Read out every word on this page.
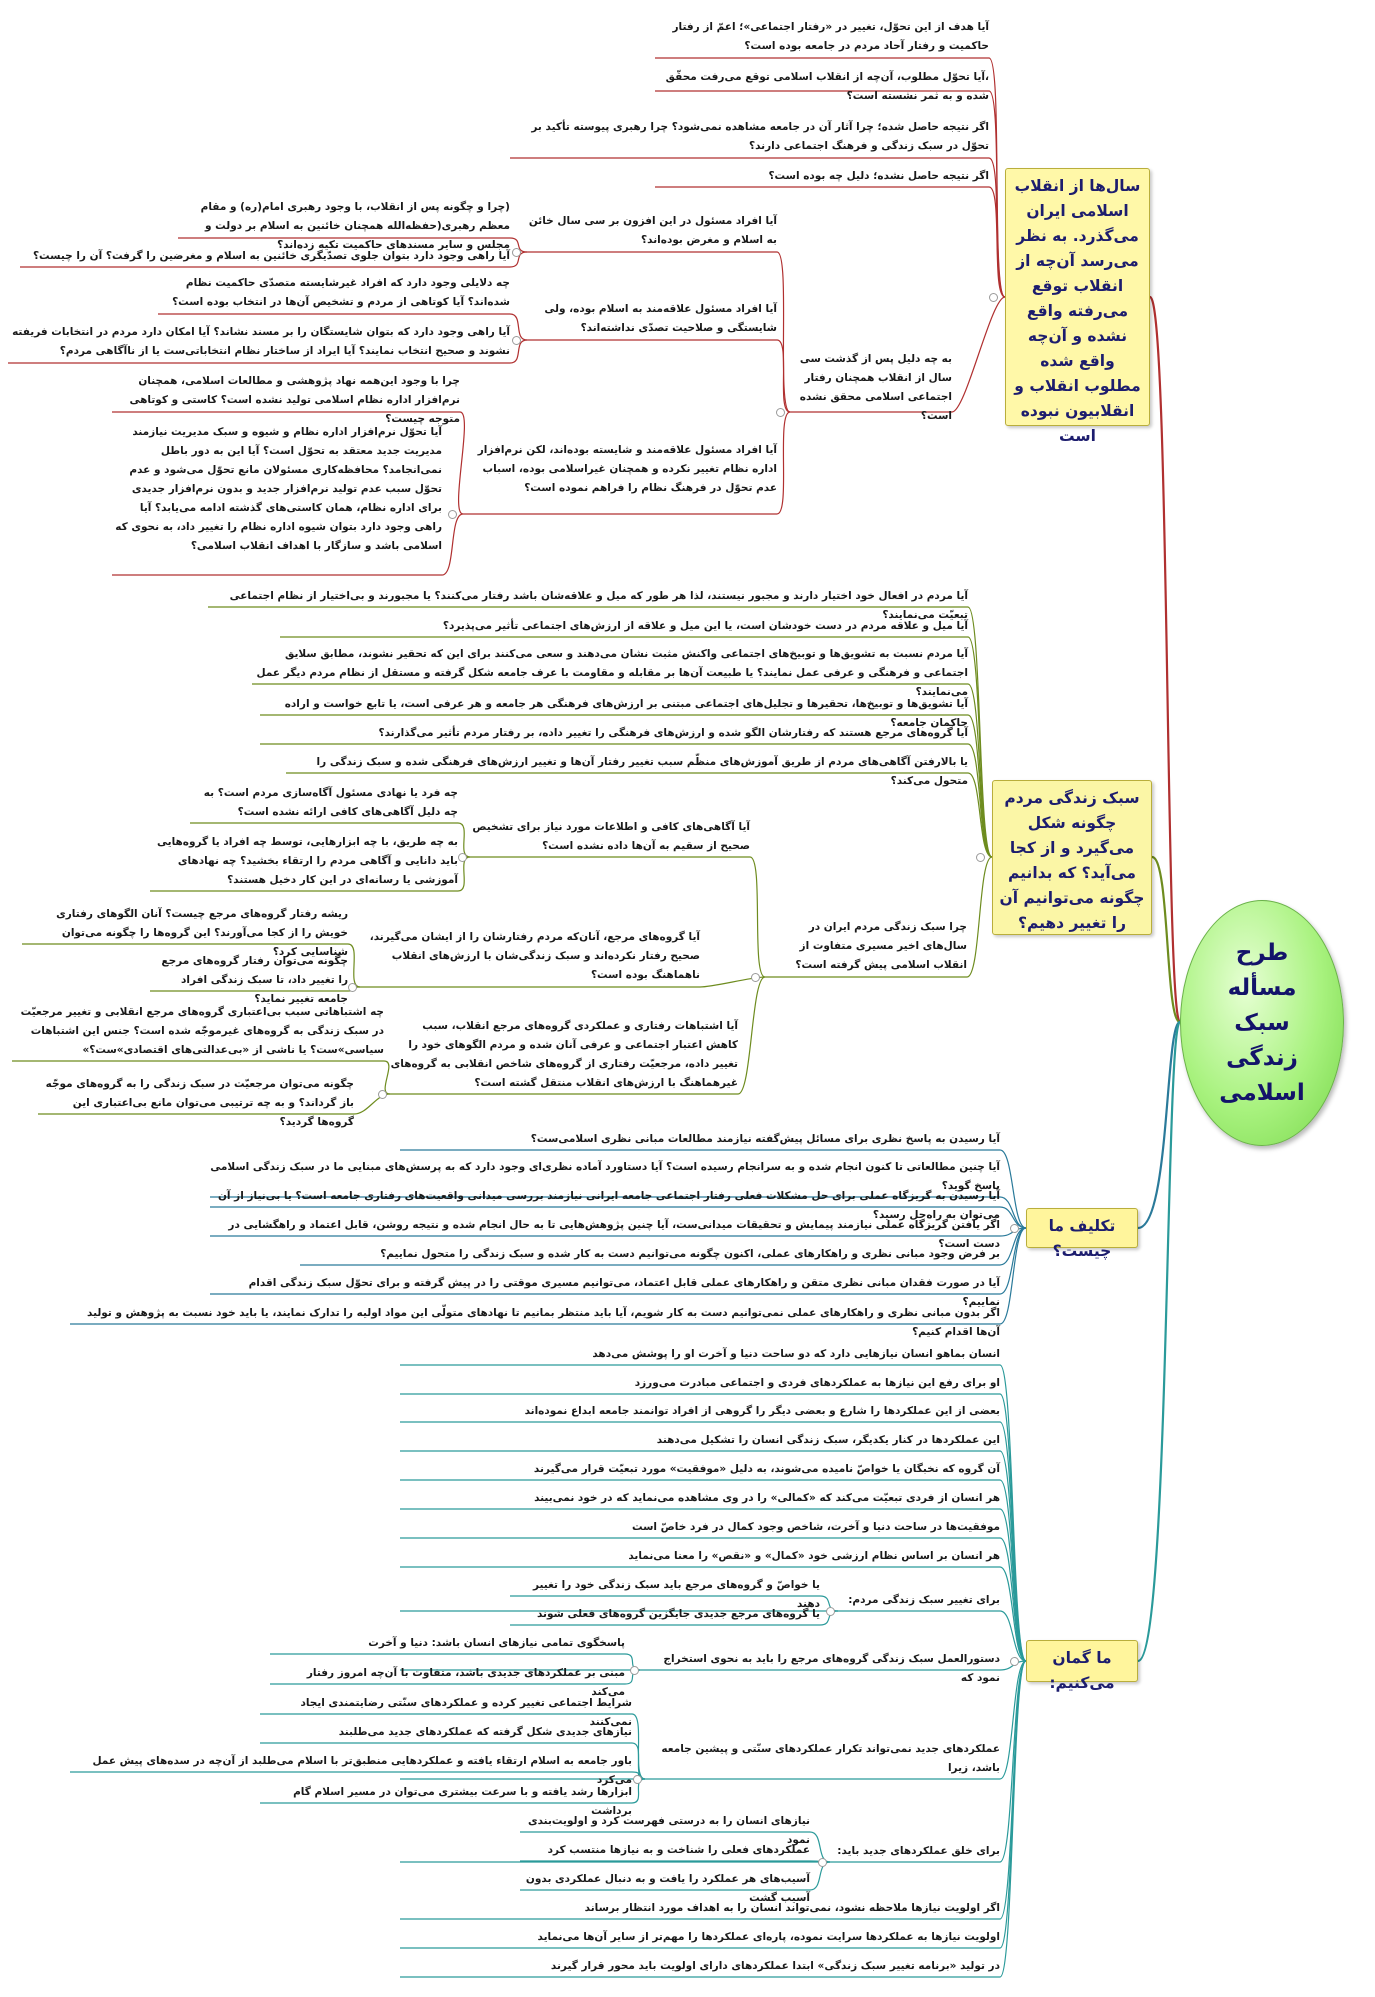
طرح مسأله سبک زندگی اسلامی
سال‌ها از انقلاب اسلامی ایران می‌گذرد. به نظر می‌رسد آن‌چه از انقلاب توقع می‌رفته واقع نشده و آن‌چه واقع شده مطلوب انقلاب و انقلابیون نبوده است
آیا هدف از این تحوّل، تغییر در «رفتار اجتماعی»؛ اعمّ از رفتار حاکمیت و رفتار آحاد مردم در جامعه بوده است؟
،آیا تحوّل مطلوب، آن‌چه از انقلاب اسلامی توقع می‌رفت محقّق شده و به ثمر نشسته است؟
اگر نتیجه حاصل شده؛ چرا آثار آن در جامعه مشاهده نمی‌شود؟ چرا رهبری پیوسته تأکید بر تحوّل در سبک زندگی و فرهنگ اجتماعی دارند؟
اگر نتیجه حاصل نشده؛ دلیل چه بوده است؟
به چه دلیل پس از گذشت سی سال از انقلاب همچنان رفتار اجتماعی اسلامی محقق نشده است؟
آیا افراد مسئول در این افزون بر سی سال خائن به اسلام و مغرض بوده‌اند؟
(چرا و چگونه پس از انقلاب، با وجود رهبری امام(ره) و مقام معظم رهبری(حفظه‌الله همچنان خائنین به اسلام بر دولت و مجلس و سایر مسندهای حاکمیت تکیه زده‌اند؟
آیا راهی وجود دارد بتوان جلوی تصدّیگری خائنین به اسلام و مغرضین را گرفت؟ آن را چیست؟
آیا افراد مسئول علاقه‌مند به اسلام بوده، ولی شایستگی و صلاحیت تصدّی نداشته‌اند؟
چه دلایلی وجود دارد که افراد غیرشایسته متصدّی حاکمیت نظام شده‌اند؟ آیا کوتاهی از مردم و تشخیص آن‌ها در انتخاب بوده است؟
آیا راهی وجود دارد که بتوان شایستگان را بر مسند نشاند؟ آیا امکان دارد مردم در انتخابات فریفته نشوند و صحیح انتخاب نمایند؟ آیا ایراد از ساختار نظام انتخاباتی‌ست یا از ناآگاهی مردم؟
آیا افراد مسئول علاقه‌مند و شایسته بوده‌اند، لکن نرم‌افزار اداره نظام تغییر نکرده و همچنان غیراسلامی بوده، اسباب عدم تحوّل در فرهنگ نظام را فراهم نموده است؟
چرا با وجود این‌همه نهاد پژوهشی و مطالعات اسلامی، همچنان نرم‌افزار اداره نظام اسلامی تولید نشده است؟ کاستی و کوتاهی متوجه چیست؟
آیا تحوّل نرم‌افزار اداره نظام و شیوه و سبک مدیریت نیازمند مدیریت جدید معتقد به تحوّل است؟ آیا این به دور باطل نمی‌انجامد؟ محافظه‌کاری مسئولان مانع تحوّل می‌شود و عدم تحوّل سبب عدم تولید نرم‌افزار جدید و بدون نرم‌افزار جدیدی برای اداره نظام، همان کاستی‌های گذشته ادامه می‌یابد؟ آیا راهی وجود دارد بتوان شیوه اداره نظام را تغییر داد، به نحوی که اسلامی باشد و سازگار با اهداف انقلاب اسلامی؟
سبک زندگی مردم چگونه شکل می‌گیرد و از کجا می‌آید؟ که بدانیم چگونه می‌توانیم آن را تغییر دهیم؟
آیا مردم در افعال خود اختیار دارند و مجبور نیستند، لذا هر طور که میل و علاقه‌شان باشد رفتار می‌کنند؟ یا مجبورند و بی‌اختیار از نظام اجتماعی تبعیّت می‌نمایند؟
آیا میل و علاقه مردم در دست خودشان است، یا این میل و علاقه از ارزش‌های اجتماعی تأثیر می‌پذیرد؟
آیا مردم نسبت به تشویق‌ها و توبیخ‌های اجتماعی واکنش مثبت نشان می‌دهند و سعی می‌کنند برای این که تحقیر نشوند، مطابق سلایق اجتماعی و فرهنگی و عرفی عمل نمایند؟ یا طبیعت آن‌ها بر مقابله و مقاومت با عرف جامعه شکل گرفته و مستقل از نظام مردم دیگر عمل می‌نمایند؟
آیا تشویق‌ها و توبیخ‌ها، تحقیرها و تجلیل‌های اجتماعی مبتنی بر ارزش‌های فرهنگی هر جامعه و هر عرفی است، یا تابع خواست و اراده حاکمان جامعه؟
آیا گروه‌های مرجع هستند که رفتارشان الگو شده و ارزش‌های فرهنگی را تغییر داده، بر رفتار مردم تأثیر می‌گذارند؟
یا بالارفتن آگاهی‌های مردم از طریق آموزش‌های منظّم سبب تغییر رفتار آن‌ها و تغییر ارزش‌های فرهنگی شده و سبک زندگی را متحول می‌کند؟
چرا سبک زندگی مردم ایران در سال‌های اخیر مسیری متفاوت از انقلاب اسلامی پیش گرفته است؟
آیا آگاهی‌های کافی و اطلاعات مورد نیاز برای تشخیص صحیح از سقیم به آن‌ها داده نشده است؟
چه فرد یا نهادی مسئول آگاه‌سازی مردم است؟ به چه دلیل آگاهی‌های کافی ارائه نشده است؟
به چه طریق، با چه ابزارهایی، توسط چه افراد یا گروه‌هایی باید دانایی و آگاهی مردم را ارتقاء بخشید؟ چه نهادهای آموزشی یا رسانه‌ای در این کار دخیل هستند؟
آیا گروه‌های مرجع، آنان‌که مردم رفتارشان را از ایشان می‌گیرند، صحیح رفتار نکرده‌اند و سبک زندگی‌شان با ارزش‌های انقلاب ناهماهنگ بوده است؟
ریشه رفتار گروه‌های مرجع چیست؟ آنان الگوهای رفتاری خویش را از کجا می‌آورند؟ این گروه‌ها را چگونه می‌توان شناسایی کرد؟
چگونه می‌توان رفتار گروه‌های مرجع را تغییر داد، تا سبک زندگی افراد جامعه تغییر نماید؟
آیا اشتباهات رفتاری و عملکردی گروه‌های مرجع انقلاب، سبب کاهش اعتبار اجتماعی و عرفی آنان شده و مردم الگوهای خود را تغییر داده، مرجعیّت رفتاری از گروه‌های شاخص انقلابی به گروه‌های غیرهماهنگ با ارزش‌های انقلاب منتقل گشته است؟
چه اشتباهاتی سبب بی‌اعتباری گروه‌های مرجع انقلابی و تغییر مرجعیّت در سبک زندگی به گروه‌های غیرموجّه شده است؟ جنس این اشتباهات سیاسی»ست؟ یا ناشی از «بی‌عدالتی‌های اقتصادی»ست؟»
چگونه می‌توان مرجعیّت در سبک زندگی را به گروه‌های موجّه باز گرداند؟ و به چه ترتیبی می‌توان مانع بی‌اعتباری این گروه‌ها گردید؟
تکلیف ما چیست؟
آیا رسیدن به پاسخ نظری برای مسائل پیش‌گفته نیازمند مطالعات مبانی نظری اسلامی‌ست؟
آیا چنین مطالعاتی تا کنون انجام شده و به سرانجام رسیده است؟ آیا دستاورد آماده نظری‌ای وجود دارد که به پرسش‌های مبنایی ما در سبک زندگی اسلامی پاسخ گوید؟
آیا رسیدن به گریزگاه عملی برای حل مشکلات فعلی رفتار اجتماعی جامعه ایرانی نیازمند بررسی میدانی واقعیت‌های رفتاری جامعه است؟ یا بی‌نیاز از آن می‌توان به راه‌حل رسید؟
اگر یافتن گریزگاه عملی نیازمند پیمایش و تحقیقات میدانی‌ست، آیا چنین پژوهش‌هایی تا به حال انجام شده و نتیجه روشن، قابل اعتماد و راهگشایی در دست است؟
بر فرض وجود مبانی نظری و راهکارهای عملی، اکنون چگونه می‌توانیم دست به کار شده و سبک زندگی را متحول نماییم؟
آیا در صورت فقدان مبانی نظری متقن و راهکارهای عملی قابل اعتماد، می‌توانیم مسیری موقتی را در پیش گرفته و برای تحوّل سبک زندگی اقدام نماییم؟
اگر بدون مبانی نظری و راهکارهای عملی نمی‌توانیم دست به کار شویم، آیا باید منتظر بمانیم تا نهادهای متولّی این مواد اولیه را تدارک نمایند، یا باید خود نسبت به پژوهش و تولید آن‌ها اقدام کنیم؟
ما گمان می‌کنیم:
انسان بماهو انسان نیازهایی دارد که دو ساحت دنیا و آخرت او را پوشش می‌دهد
او برای رفع این نیازها به عملکردهای فردی و اجتماعی مبادرت می‌ورزد
بعضی از این عملکردها را شارع و بعضی دیگر را گروهی از افراد توانمند جامعه ابداع نموده‌اند
این عملکردها در کنار یکدیگر، سبک زندگی انسان را تشکیل می‌دهند
آن گروه که نخبگان یا خواصّ نامیده می‌شوند، به دلیل «موفقیت» مورد تبعیّت قرار می‌گیرند
هر انسان از فردی تبعیّت می‌کند که «کمالی» را در وی مشاهده می‌نماید که در خود نمی‌بیند
موفقیت‌ها در ساحت دنیا و آخرت، شاخص وجود کمال در فرد خاصّ است
هر انسان بر اساس نظام ارزشی خود «کمال» و «نقص» را معنا می‌نماید
برای تغییر سبک زندگی مردم:
یا خواصّ و گروه‌های مرجع باید سبک زندگی خود را تغییر دهند
یا گروه‌های مرجع جدیدی جایگزین گروه‌های فعلی شوند
دستورالعمل سبک زندگی گروه‌های مرجع را باید به نحوی استخراج نمود که
پاسخگوی تمامی نیازهای انسان باشد: دنیا و آخرت
مبنی بر عملکردهای جدیدی باشد، متفاوت با آن‌چه امروز رفتار می‌کند
عملکردهای جدید نمی‌تواند تکرار عملکردهای سنّتی و پیشین جامعه باشد، زیرا
شرایط اجتماعی تغییر کرده و عملکردهای سنّتی رضایتمندی ایجاد نمی‌کنند
نیازهای جدیدی شکل گرفته که عملکردهای جدید می‌طلبند
باور جامعه به اسلام ارتقاء یافته و عملکردهایی منطبق‌تر با اسلام می‌طلبد از آن‌چه در سده‌های پیش عمل می‌کرد
ابزارها رشد یافته و با سرعت بیشتری می‌توان در مسیر اسلام گام برداشت
برای خلق عملکردهای جدید باید:
نیازهای انسان را به درستی فهرست کرد و اولویت‌بندی نمود
عملکردهای فعلی را شناخت و به نیازها منتسب کرد
آسیب‌های هر عملکرد را یافت و به دنبال عملکردی بدون آسیب گشت
اگر اولویت نیازها ملاحظه نشود، نمی‌تواند انسان را به اهداف مورد انتظار برساند
اولویت نیازها به عملکردها سرایت نموده، پاره‌ای عملکردها را مهم‌تر از سایر آن‌ها می‌نماید
در تولید «برنامه تغییر سبک زندگی» ابتدا عملکردهای دارای اولویت باید محور قرار گیرند
